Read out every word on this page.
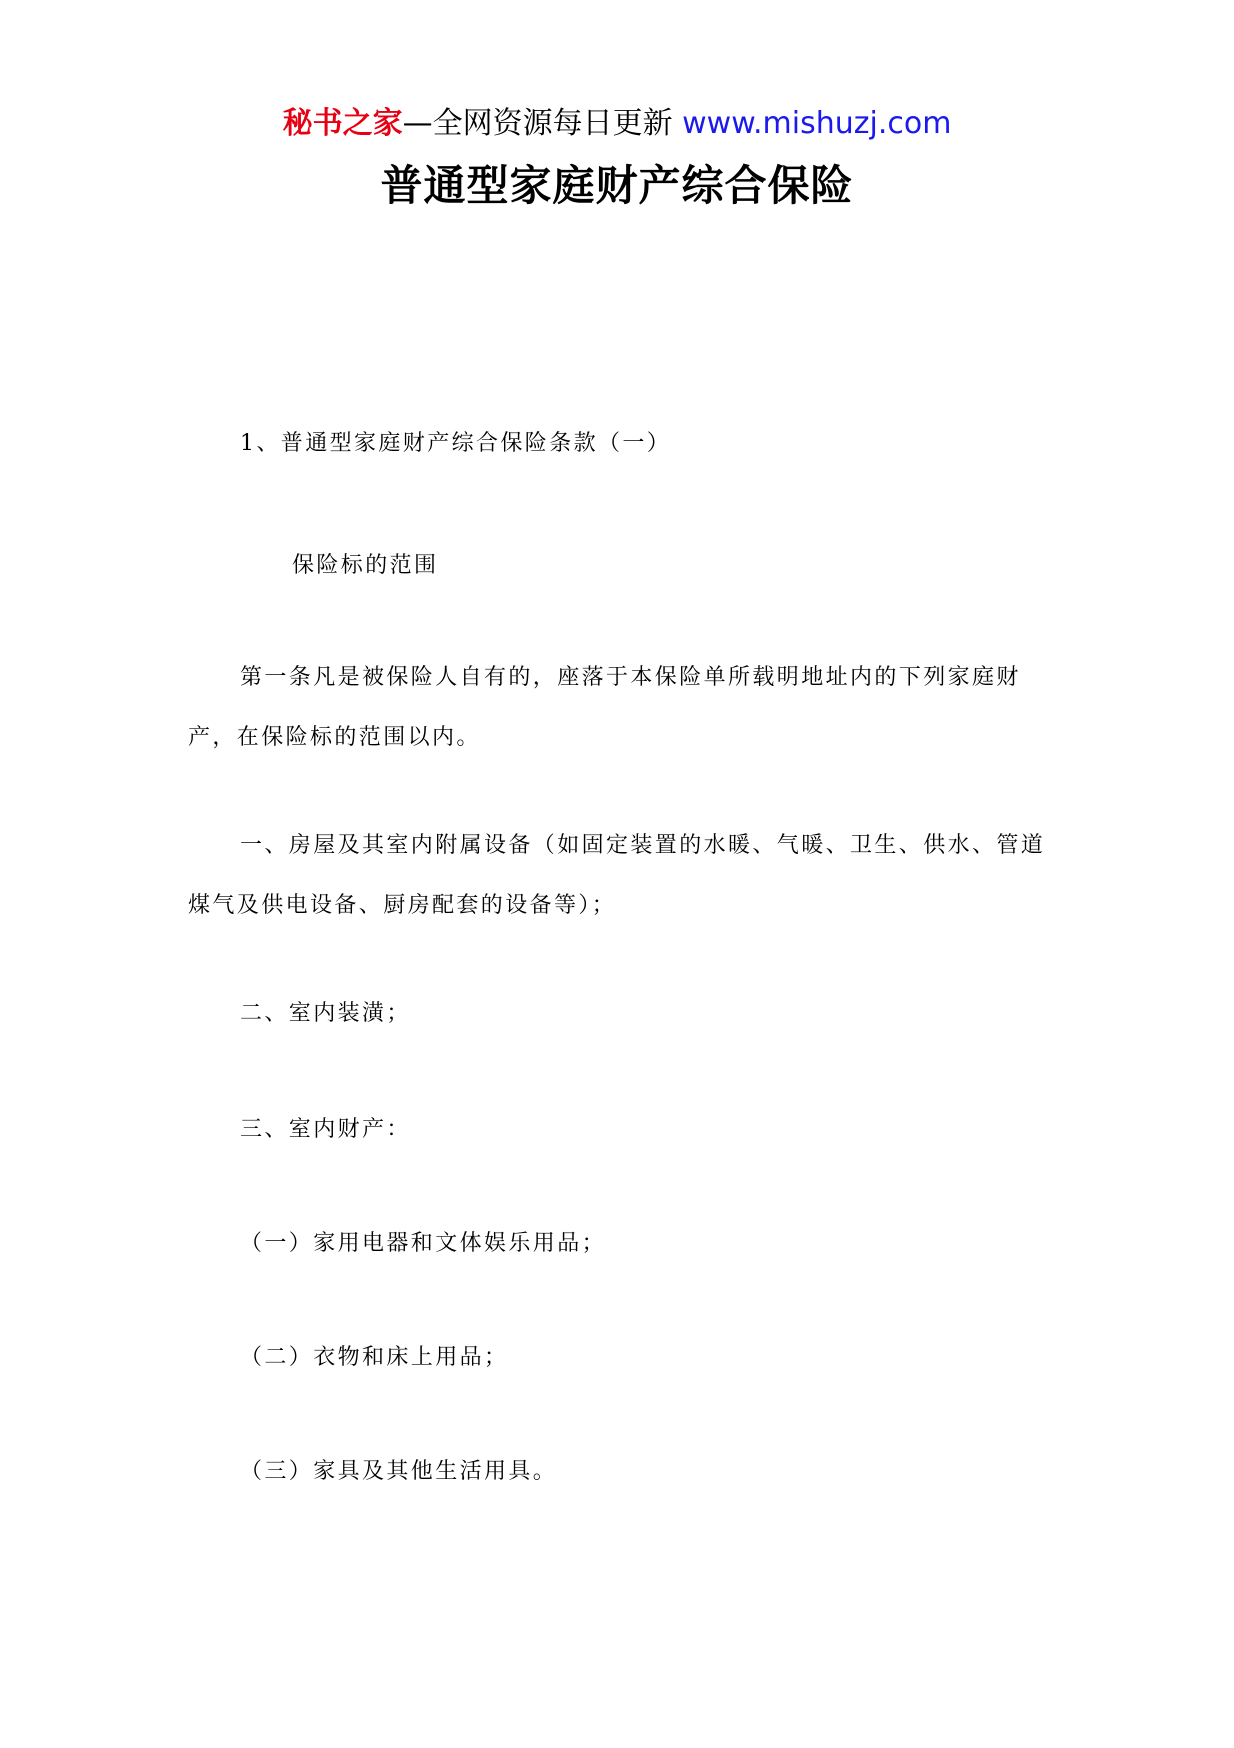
秘书之家—全网资源每日更新 www.mishuzj.com
普通型家庭财产综合保险

1、普通型家庭财产综合保险条款（一）

保险标的范围

第一条凡是被保险人自有的，座落于本保险单所载明地址内的下列家庭财产，在保险标的范围以内。

一、房屋及其室内附属设备（如固定装置的水暖、气暖、卫生、供水、管道煤气及供电设备、厨房配套的设备等）；

二、室内装潢；

三、室内财产：

（一）家用电器和文体娱乐用品；

（二）衣物和床上用品；

（三）家具及其他生活用具。
